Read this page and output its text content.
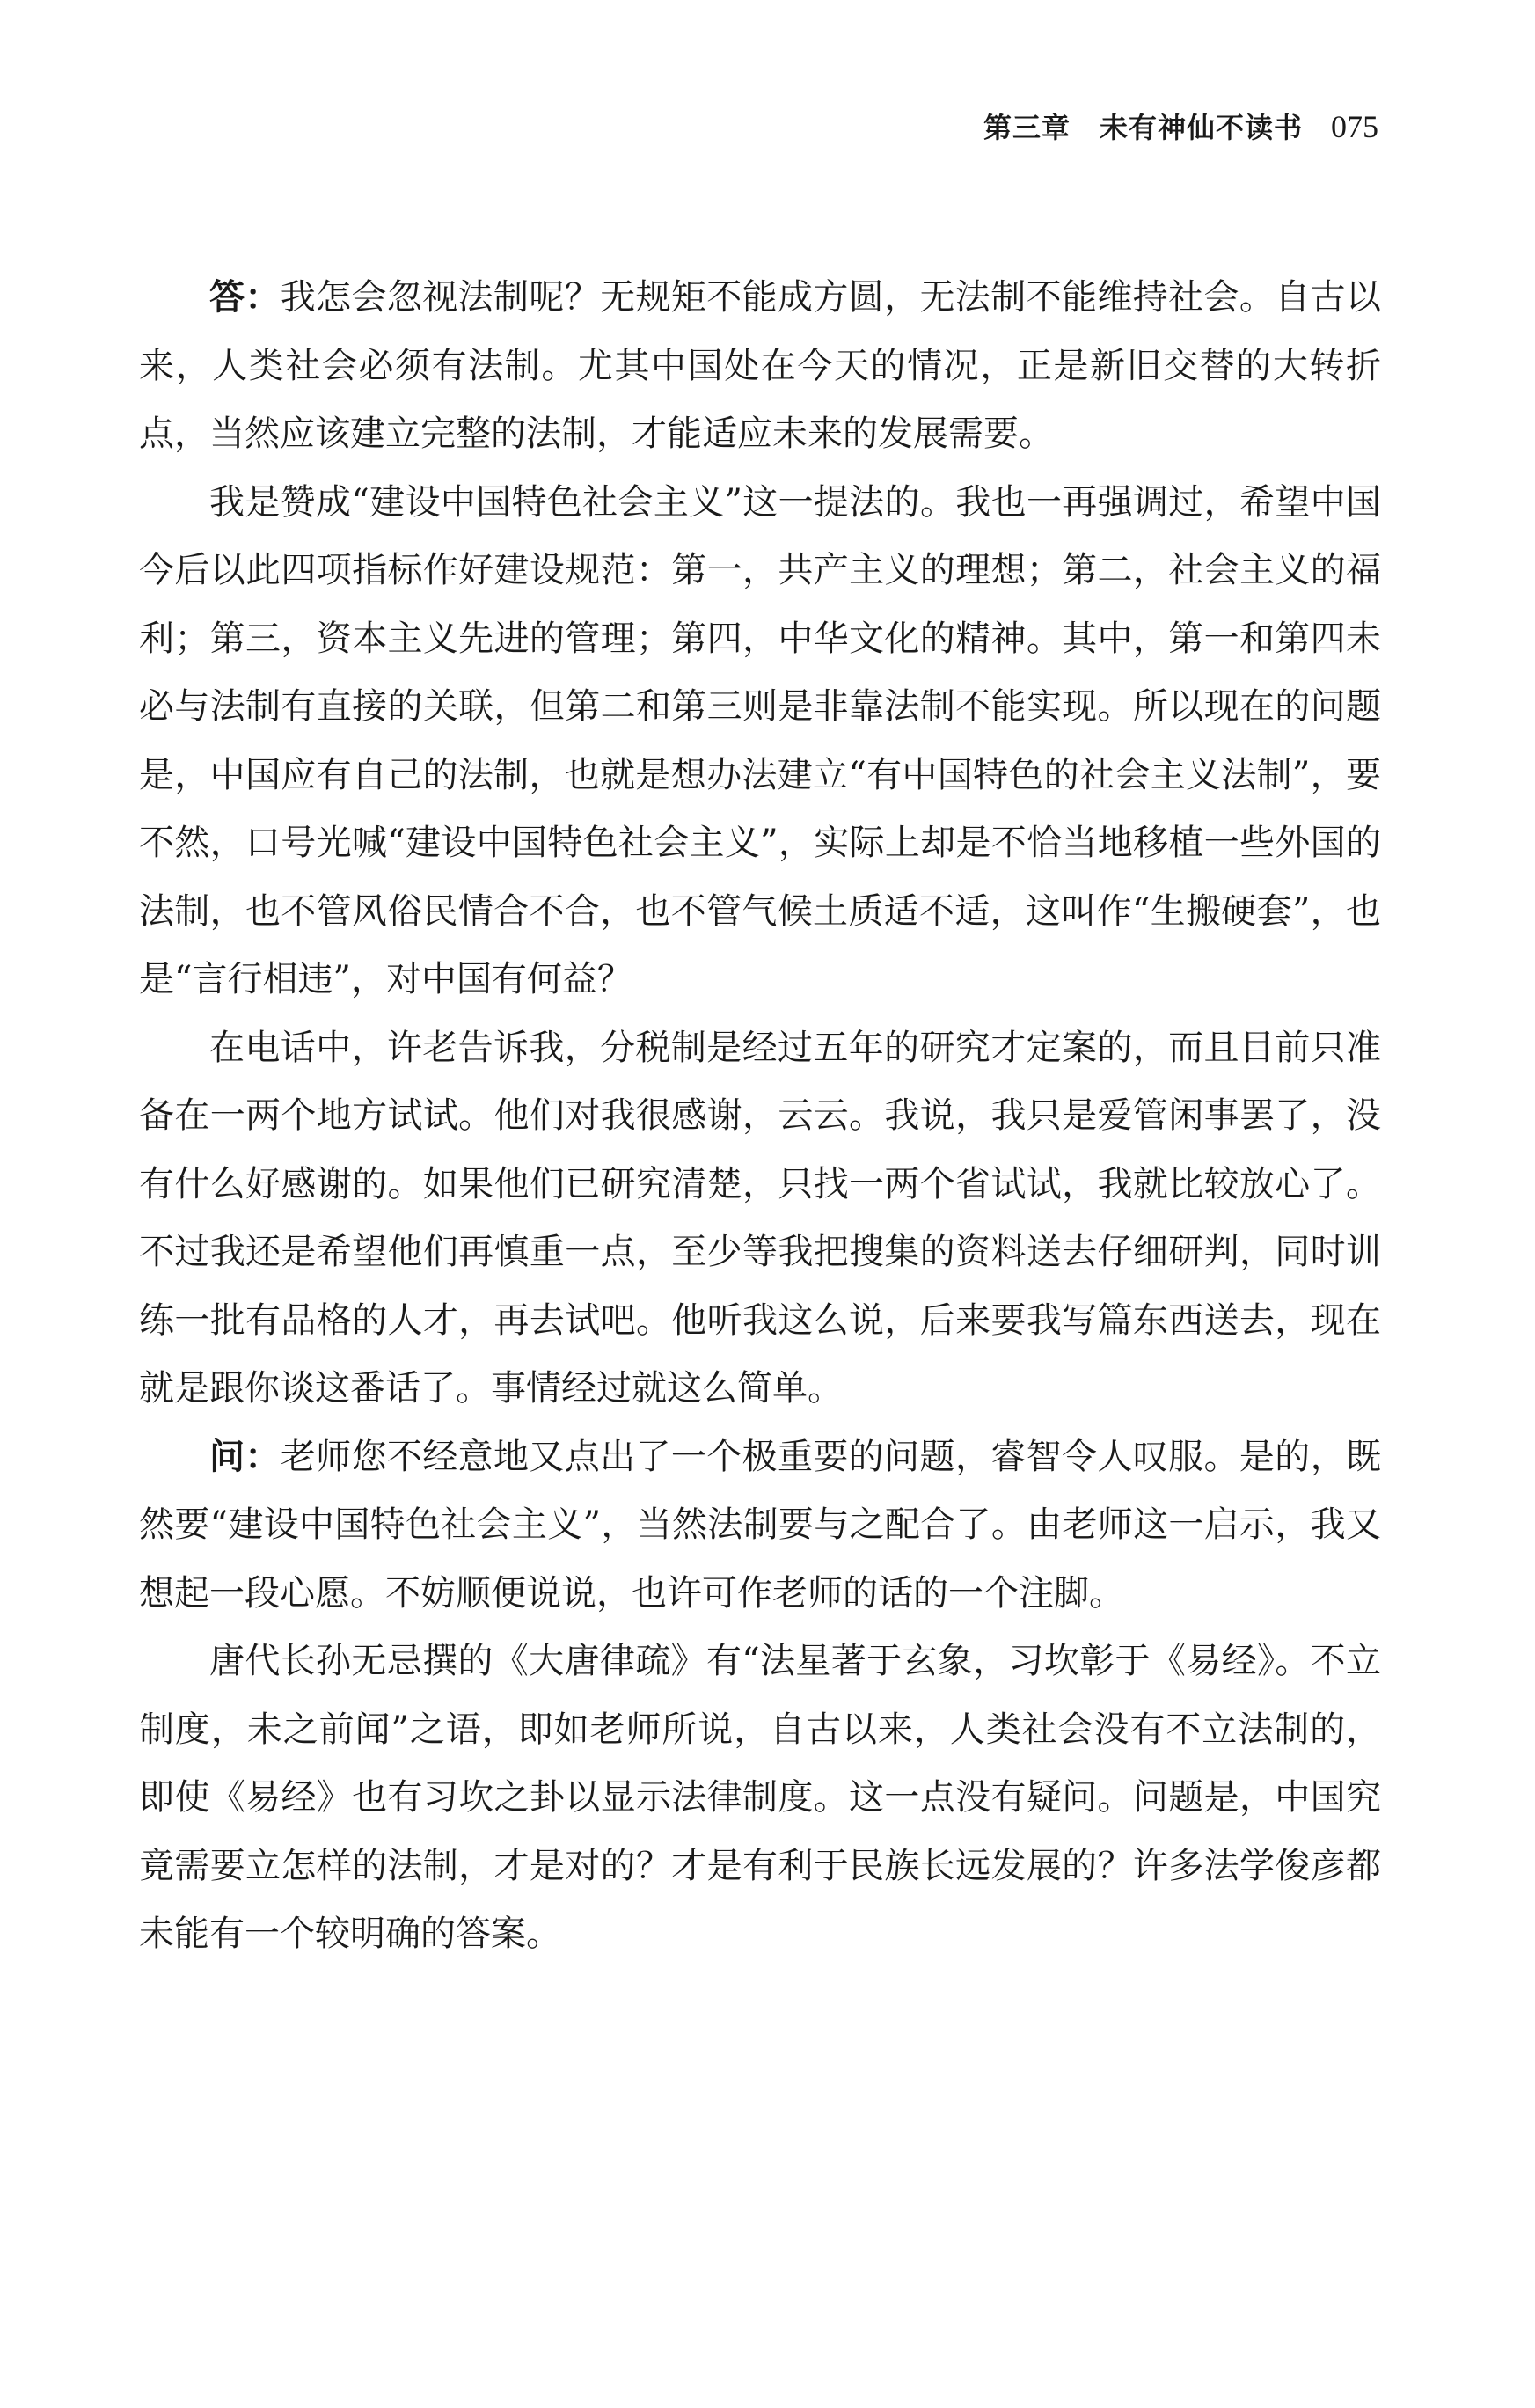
第三章　未有神仙不读书 075

答：我怎会忽视法制呢？无规矩不能成方圆，无法制不能维持社会。自古以来，人类社会必须有法制。尤其中国处在今天的情况，正是新旧交替的大转折点，当然应该建立完整的法制，才能适应未来的发展需要。

我是赞成“建设中国特色社会主义”这一提法的。我也一再强调过，希望中国今后以此四项指标作好建设规范：第一，共产主义的理想；第二，社会主义的福利；第三，资本主义先进的管理；第四，中华文化的精神。其中，第一和第四未必与法制有直接的关联，但第二和第三则是非靠法制不能实现。所以现在的问题是，中国应有自己的法制，也就是想办法建立“有中国特色的社会主义法制”，要不然，口号光喊“建设中国特色社会主义”，实际上却是不恰当地移植一些外国的法制，也不管风俗民情合不合，也不管气候土质适不适，这叫作“生搬硬套”，也是“言行相违”，对中国有何益？

在电话中，许老告诉我，分税制是经过五年的研究才定案的，而且目前只准备在一两个地方试试。他们对我很感谢，云云。我说，我只是爱管闲事罢了，没有什么好感谢的。如果他们已研究清楚，只找一两个省试试，我就比较放心了。不过我还是希望他们再慎重一点，至少等我把搜集的资料送去仔细研判，同时训练一批有品格的人才，再去试吧。他听我这么说，后来要我写篇东西送去，现在就是跟你谈这番话了。事情经过就这么简单。

问：老师您不经意地又点出了一个极重要的问题，睿智令人叹服。是的，既然要“建设中国特色社会主义”，当然法制要与之配合了。由老师这一启示，我又想起一段心愿。不妨顺便说说，也许可作老师的话的一个注脚。

唐代长孙无忌撰的《大唐律疏》有“法星著于玄象，习坎彰于《易经》。不立制度，未之前闻”之语，即如老师所说，自古以来，人类社会没有不立法制的，即使《易经》也有习坎之卦以显示法律制度。这一点没有疑问。问题是，中国究竟需要立怎样的法制，才是对的？才是有利于民族长远发展的？许多法学俊彦都未能有一个较明确的答案。
